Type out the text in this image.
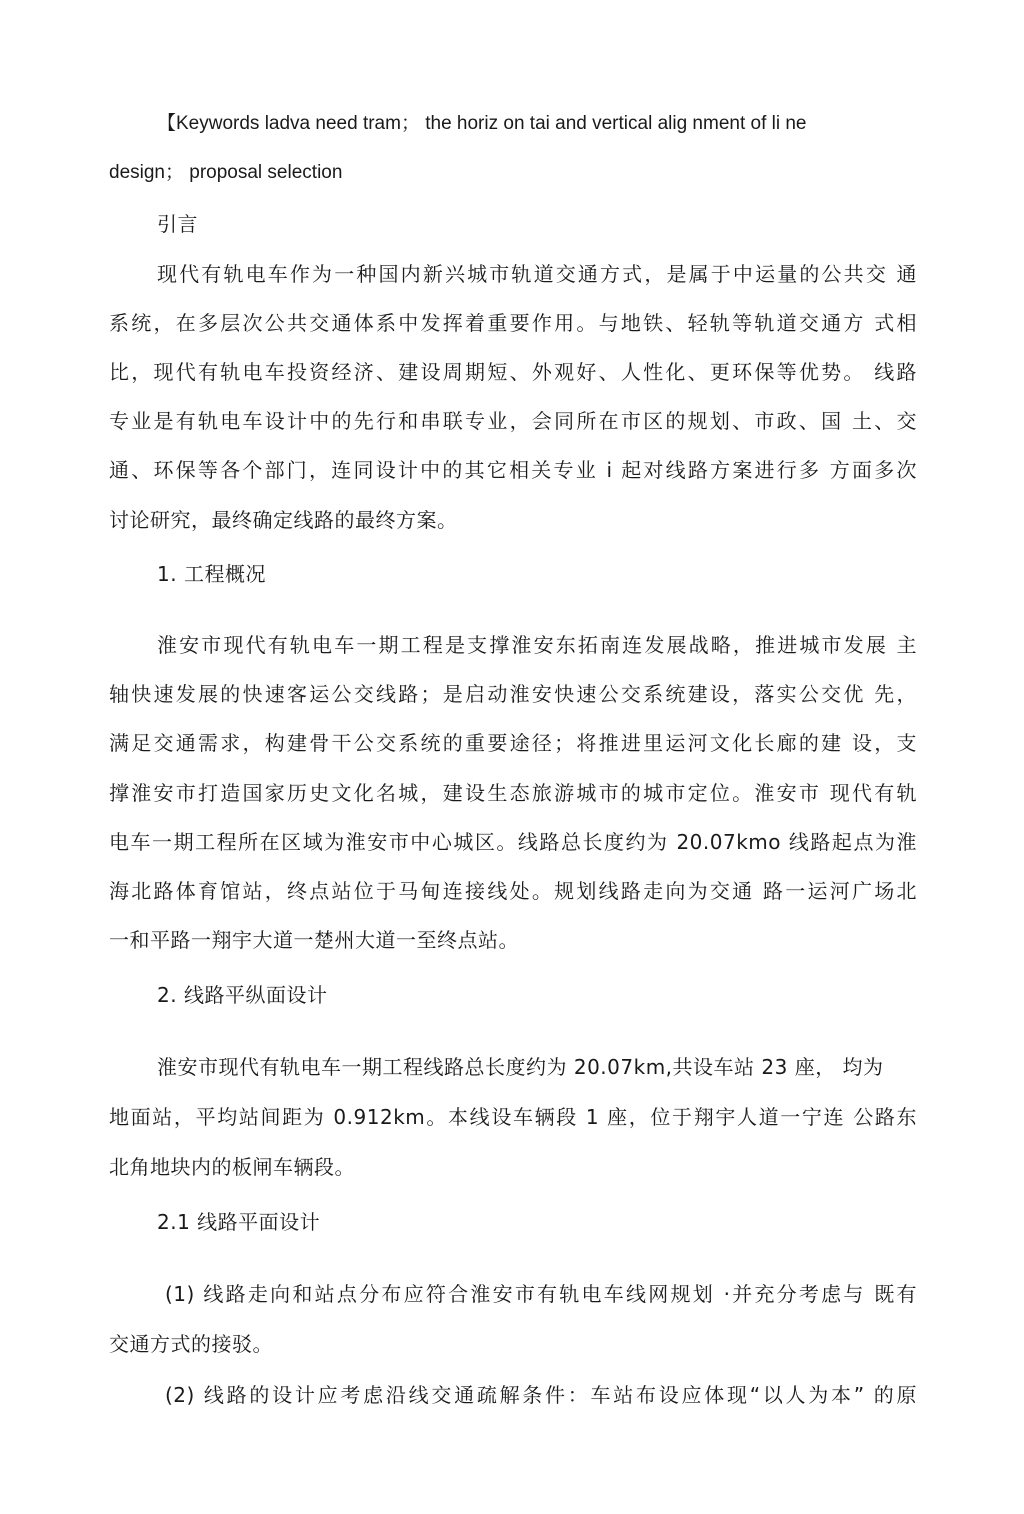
【Keywords ladva need tram； the horiz on tai and vertical alig nment of li ne
design； proposal selection
引言
现代有轨电车作为一种国内新兴城市轨道交通方式，是属于中运量的公共交 通
系统，在多层次公共交通体系中发挥着重要作用。与地铁、轻轨等轨道交通方 式相
比，现代有轨电车投资经济、建设周期短、外观好、人性化、更环保等优势。 线路
专业是有轨电车设计中的先行和串联专业，会同所在市区的规划、市政、国 土、交
通、环保等各个部门，连同设计中的其它相关专业 i 起对线路方案进行多 方面多次
讨论研究，最终确定线路的最终方案。
1. 工程概况
淮安市现代有轨电车一期工程是支撑淮安东拓南连发展战略，推进城市发展 主
轴快速发展的快速客运公交线路；是启动淮安快速公交系统建设，落实公交优 先，
满足交通需求，构建骨干公交系统的重要途径；将推进里运河文化长廊的建 设，支
撑淮安市打造国家历史文化名城，建设生态旅游城市的城市定位。淮安市 现代有轨
电车一期工程所在区域为淮安市中心城区。线路总长度约为 20.07kmo 线路起点为淮
海北路体育馆站，终点站位于马甸连接线处。规划线路走向为交通 路一运河广场北
一和平路一翔宇大道一楚州大道一至终点站。
2. 线路平纵面设计
淮安市现代有轨电车一期工程线路总长度约为 20.07km,共设车站 23 座， 均为
地面站，平均站间距为 0.912km。本线设车辆段 1 座，位于翔宇人道一宁连 公路东
北角地块内的板闸车辆段。
2.1 线路平面设计
(1) 线路走向和站点分布应符合淮安市有轨电车线网规划 ·并充分考虑与 既有
交通方式的接驳。
(2) 线路的设计应考虑沿线交通疏解条件：车站布设应体现“以人为本” 的原
